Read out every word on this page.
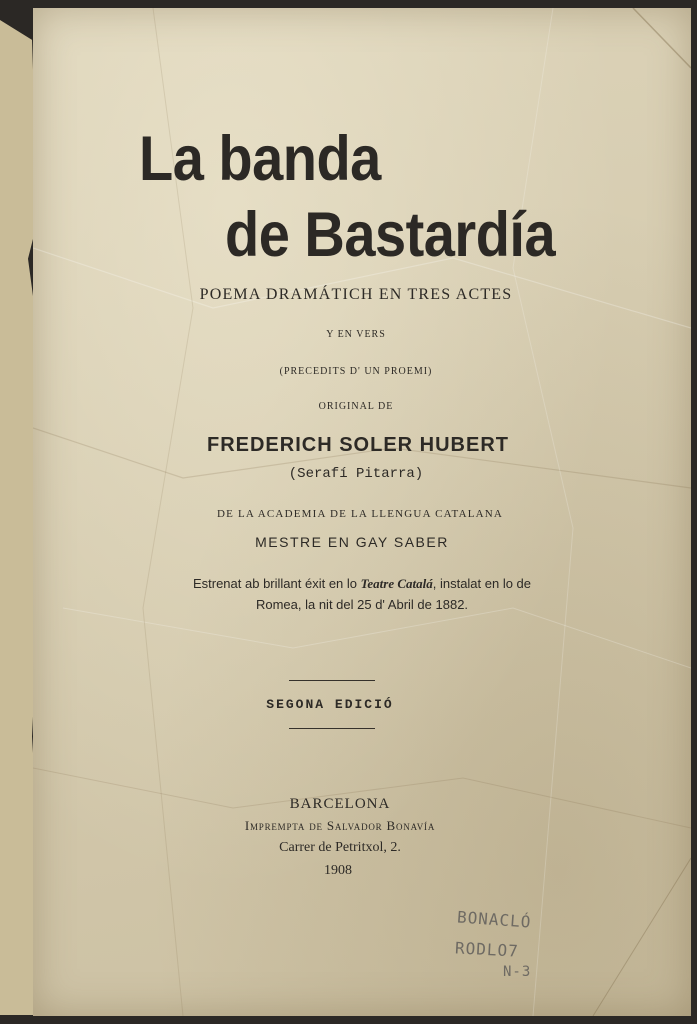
La banda
de Bastardía

POEMA DRAMÁTICH EN TRES ACTES

Y EN VERS

(PRECEDITS D' UN PROEMI)

ORIGINAL DE

FREDERICH SOLER HUBERT

(Serafí Pitarra)

DE LA ACADEMIA DE LA LLENGUA CATALANA

MESTRE EN GAY SABER

Estrenat ab brillant éxit en lo Teatre Catalá, instalat en lo de

Romea, la nit del 25 d' Abril de 1882.

SEGONA EDICIÓ

BARCELONA

Imprempta de Salvador Bonavía

Carrer de Petritxol, 2.

1908

BONACLÓ

RODLO7

N-3
